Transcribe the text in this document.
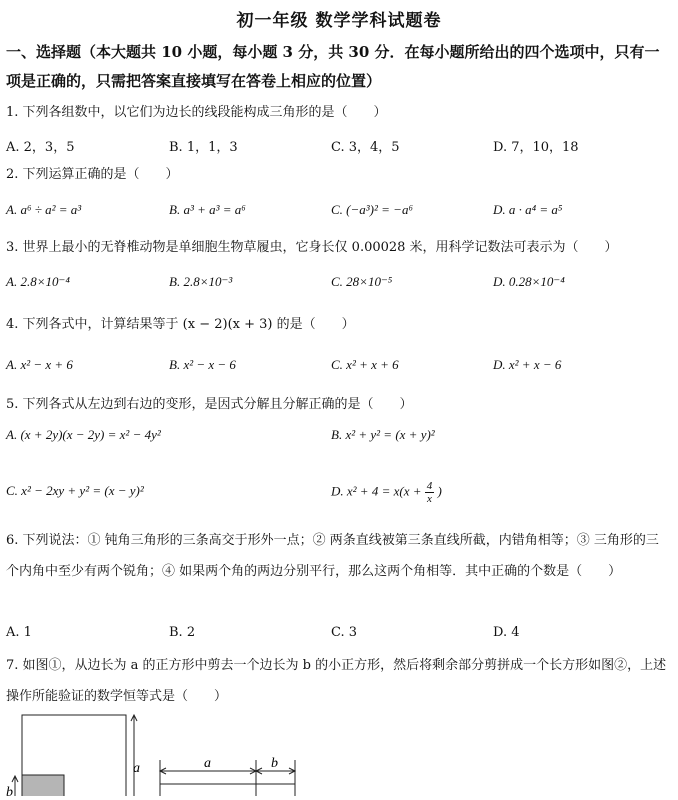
初一年级 数学学科试题卷
一、选择题（本大题共 10 小题，每小题 3 分，共 30 分．在每小题所给出的四个选项中，只有一项是正确的，只需把答案直接填写在答卷上相应的位置）
1. 下列各组数中，以它们为边长的线段能构成三角形的是（　　）
A. 2，3，5	B. 1，1，3	C. 3，4，5	D. 7，10，18
2. 下列运算正确的是（　　）
A. a⁶ ÷ a² = a³	B. a³ + a³ = a⁶	C. (−a³)² = −a⁶	D. a · a⁴ = a⁵
3. 世界上最小的无脊椎动物是单细胞生物草履虫，它身长仅 0.00028 米，用科学记数法可表示为（　　）
A. 2.8×10⁻⁴	B. 2.8×10⁻³	C. 28×10⁻⁵	D. 0.28×10⁻⁴
4. 下列各式中，计算结果等于 (x − 2)(x + 3) 的是（　　）
A. x² − x + 6	B. x² − x − 6	C. x² + x + 6	D. x² + x − 6
5. 下列各式从左边到右边的变形，是因式分解且分解正确的是（　　）
A. (x + 2y)(x − 2y) = x² − 4y²	B. x² + y² = (x + y)²
C. x² − 2xy + y² = (x − y)²	D. $x^2 + 4 = x(x + \frac{4}{x}$ )
6. 下列说法：① 钝角三角形的三条高交于形外一点；② 两条直线被第三条直线所截，内错角相等；③ 三角形的三个内角中至少有两个锐角；④ 如果两个角的两边分别平行，那么这两个角相等．其中正确的个数是（　　）
A. 1	B. 2	C. 3	D. 4
7. 如图①，从边长为 a 的正方形中剪去一个边长为 b 的小正方形，然后将剩余部分剪拼成一个长方形如图②，上述操作所能验证的数学恒等式是（　　）
b
a	a	b
